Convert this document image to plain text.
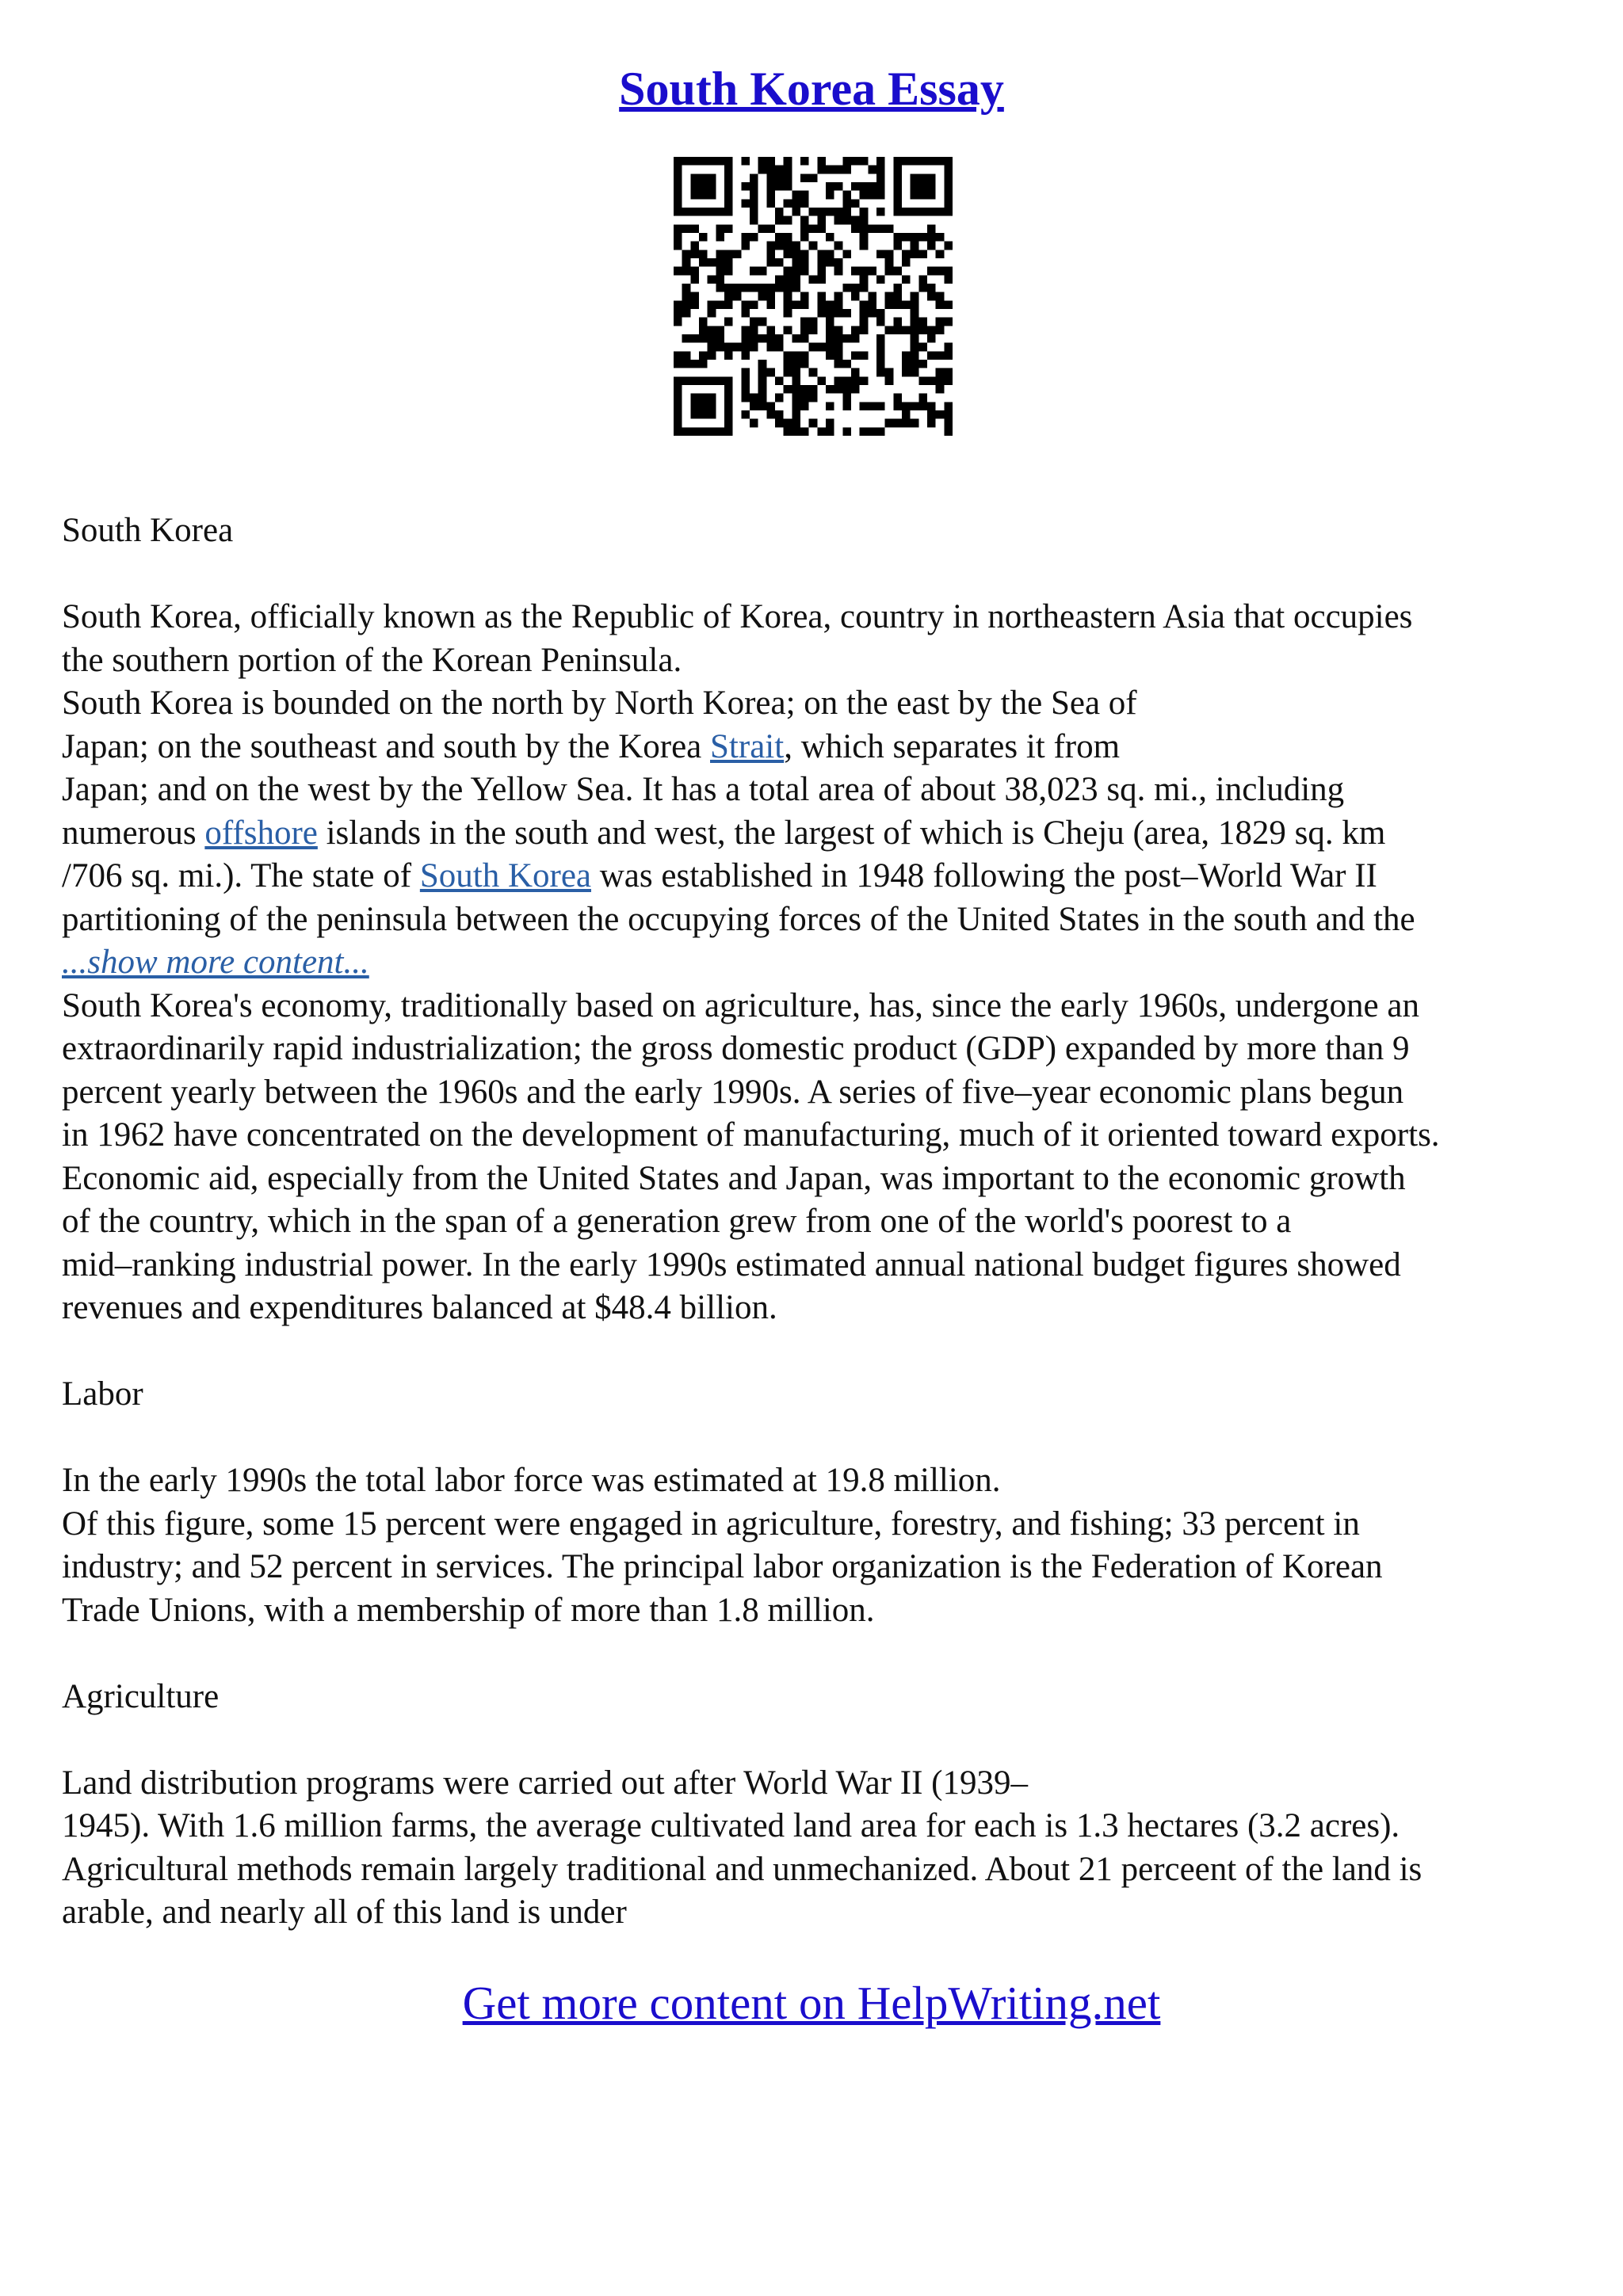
South Korea Essay
South Korea
South Korea, officially known as the Republic of Korea, country in northeastern Asia that occupies
the southern portion of the Korean Peninsula.
South Korea is bounded on the north by North Korea; on the east by the Sea of
Japan; on the southeast and south by the Korea Strait, which separates it from
Japan; and on the west by the Yellow Sea. It has a total area of about 38,023 sq. mi., including
numerous offshore islands in the south and west, the largest of which is Cheju (area, 1829 sq. km
/706 sq. mi.). The state of South Korea was established in 1948 following the post–World War II
partitioning of the peninsula between the occupying forces of the United States in the south and the
...show more content...
South Korea's economy, traditionally based on agriculture, has, since the early 1960s, undergone an
extraordinarily rapid industrialization; the gross domestic product (GDP) expanded by more than 9
percent yearly between the 1960s and the early 1990s. A series of five–year economic plans begun
in 1962 have concentrated on the development of manufacturing, much of it oriented toward exports.
Economic aid, especially from the United States and Japan, was important to the economic growth
of the country, which in the span of a generation grew from one of the world's poorest to a
mid–ranking industrial power. In the early 1990s estimated annual national budget figures showed
revenues and expenditures balanced at $48.4 billion.
Labor
In the early 1990s the total labor force was estimated at 19.8 million.
Of this figure, some 15 percent were engaged in agriculture, forestry, and fishing; 33 percent in
industry; and 52 percent in services. The principal labor organization is the Federation of Korean
Trade Unions, with a membership of more than 1.8 million.
Agriculture
Land distribution programs were carried out after World War II (1939–
1945). With 1.6 million farms, the average cultivated land area for each is 1.3 hectares (3.2 acres).
Agricultural methods remain largely traditional and unmechanized. About 21 perceent of the land is
arable, and nearly all of this land is under
Get more content on HelpWriting.net
